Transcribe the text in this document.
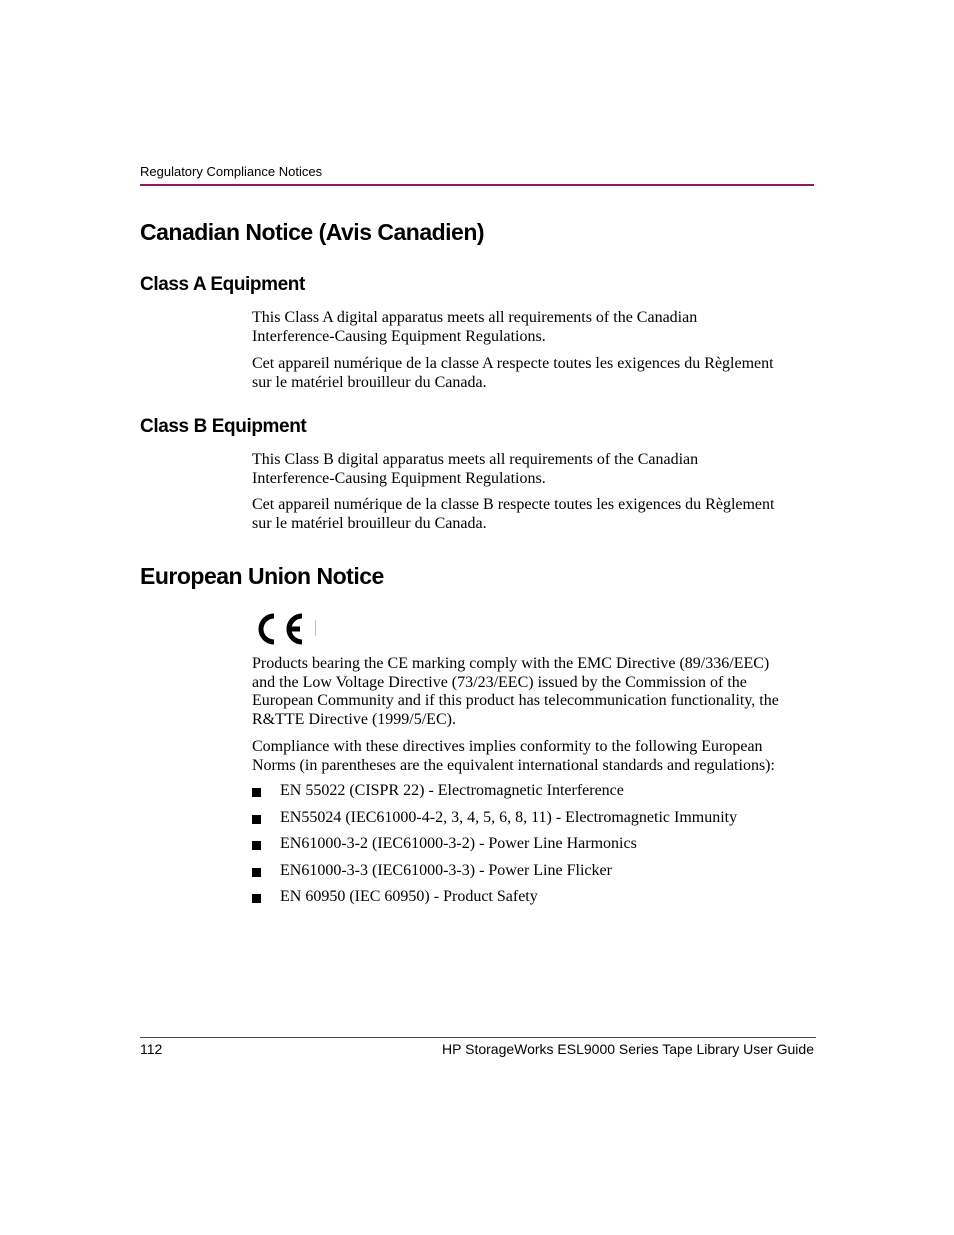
Regulatory Compliance Notices
Canadian Notice (Avis Canadien)
Class A Equipment
This Class A digital apparatus meets all requirements of the Canadian
Interference-Causing Equipment Regulations.
Cet appareil numérique de la classe A respecte toutes les exigences du Règlement
sur le matériel brouilleur du Canada.
Class B Equipment
This Class B digital apparatus meets all requirements of the Canadian
Interference-Causing Equipment Regulations.
Cet appareil numérique de la classe B respecte toutes les exigences du Règlement
sur le matériel brouilleur du Canada.
European Union Notice
Products bearing the CE marking comply with the EMC Directive (89/336/EEC)
and the Low Voltage Directive (73/23/EEC) issued by the Commission of the
European Community and if this product has telecommunication functionality, the
R&TTE Directive (1999/5/EC).
Compliance with these directives implies conformity to the following European
Norms (in parentheses are the equivalent international standards and regulations):
EN 55022 (CISPR 22) - Electromagnetic Interference
EN55024 (IEC61000-4-2, 3, 4, 5, 6, 8, 11) - Electromagnetic Immunity
EN61000-3-2 (IEC61000-3-2) - Power Line Harmonics
EN61000-3-3 (IEC61000-3-3) - Power Line Flicker
EN 60950 (IEC 60950) - Product Safety
112	HP StorageWorks ESL9000 Series Tape Library User Guide
